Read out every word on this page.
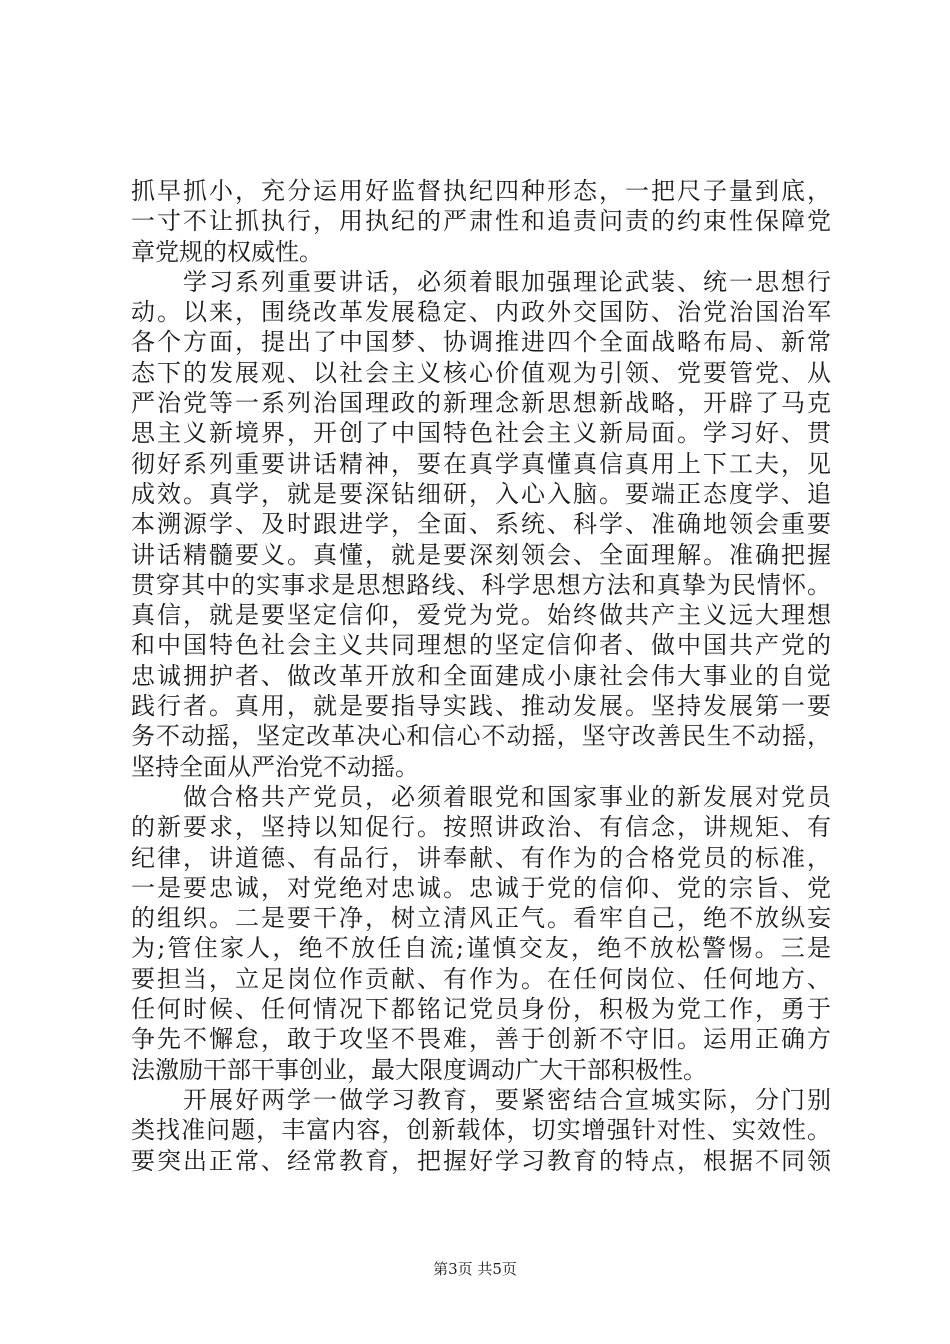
抓早抓小，充分运用好监督执纪四种形态，一把尺子量到底，
一寸不让抓执行，用执纪的严肃性和追责问责的约束性保障党
章党规的权威性。
　　学习系列重要讲话，必须着眼加强理论武装、统一思想行
动。以来，围绕改革发展稳定、内政外交国防、治党治国治军
各个方面，提出了中国梦、协调推进四个全面战略布局、新常
态下的发展观、以社会主义核心价值观为引领、党要管党、从
严治党等一系列治国理政的新理念新思想新战略，开辟了马克
思主义新境界，开创了中国特色社会主义新局面。学习好、贯
彻好系列重要讲话精神，要在真学真懂真信真用上下工夫，见
成效。真学，就是要深钻细研，入心入脑。要端正态度学、追
本溯源学、及时跟进学，全面、系统、科学、准确地领会重要
讲话精髓要义。真懂，就是要深刻领会、全面理解。准确把握
贯穿其中的实事求是思想路线、科学思想方法和真挚为民情怀。
真信，就是要坚定信仰，爱党为党。始终做共产主义远大理想
和中国特色社会主义共同理想的坚定信仰者、做中国共产党的
忠诚拥护者、做改革开放和全面建成小康社会伟大事业的自觉
践行者。真用，就是要指导实践、推动发展。坚持发展第一要
务不动摇，坚定改革决心和信心不动摇，坚守改善民生不动摇，
坚持全面从严治党不动摇。
　　做合格共产党员，必须着眼党和国家事业的新发展对党员
的新要求，坚持以知促行。按照讲政治、有信念，讲规矩、有
纪律，讲道德、有品行，讲奉献、有作为的合格党员的标准，
一是要忠诚，对党绝对忠诚。忠诚于党的信仰、党的宗旨、党
的组织。二是要干净，树立清风正气。看牢自己，绝不放纵妄
为;管住家人，绝不放任自流;谨慎交友，绝不放松警惕。三是
要担当，立足岗位作贡献、有作为。在任何岗位、任何地方、
任何时候、任何情况下都铭记党员身份，积极为党工作，勇于
争先不懈怠，敢于攻坚不畏难，善于创新不守旧。运用正确方
法激励干部干事创业，最大限度调动广大干部积极性。
　　开展好两学一做学习教育，要紧密结合宣城实际，分门别
类找准问题，丰富内容，创新载体，切实增强针对性、实效性。
要突出正常、经常教育，把握好学习教育的特点，根据不同领
第3页 共5页
